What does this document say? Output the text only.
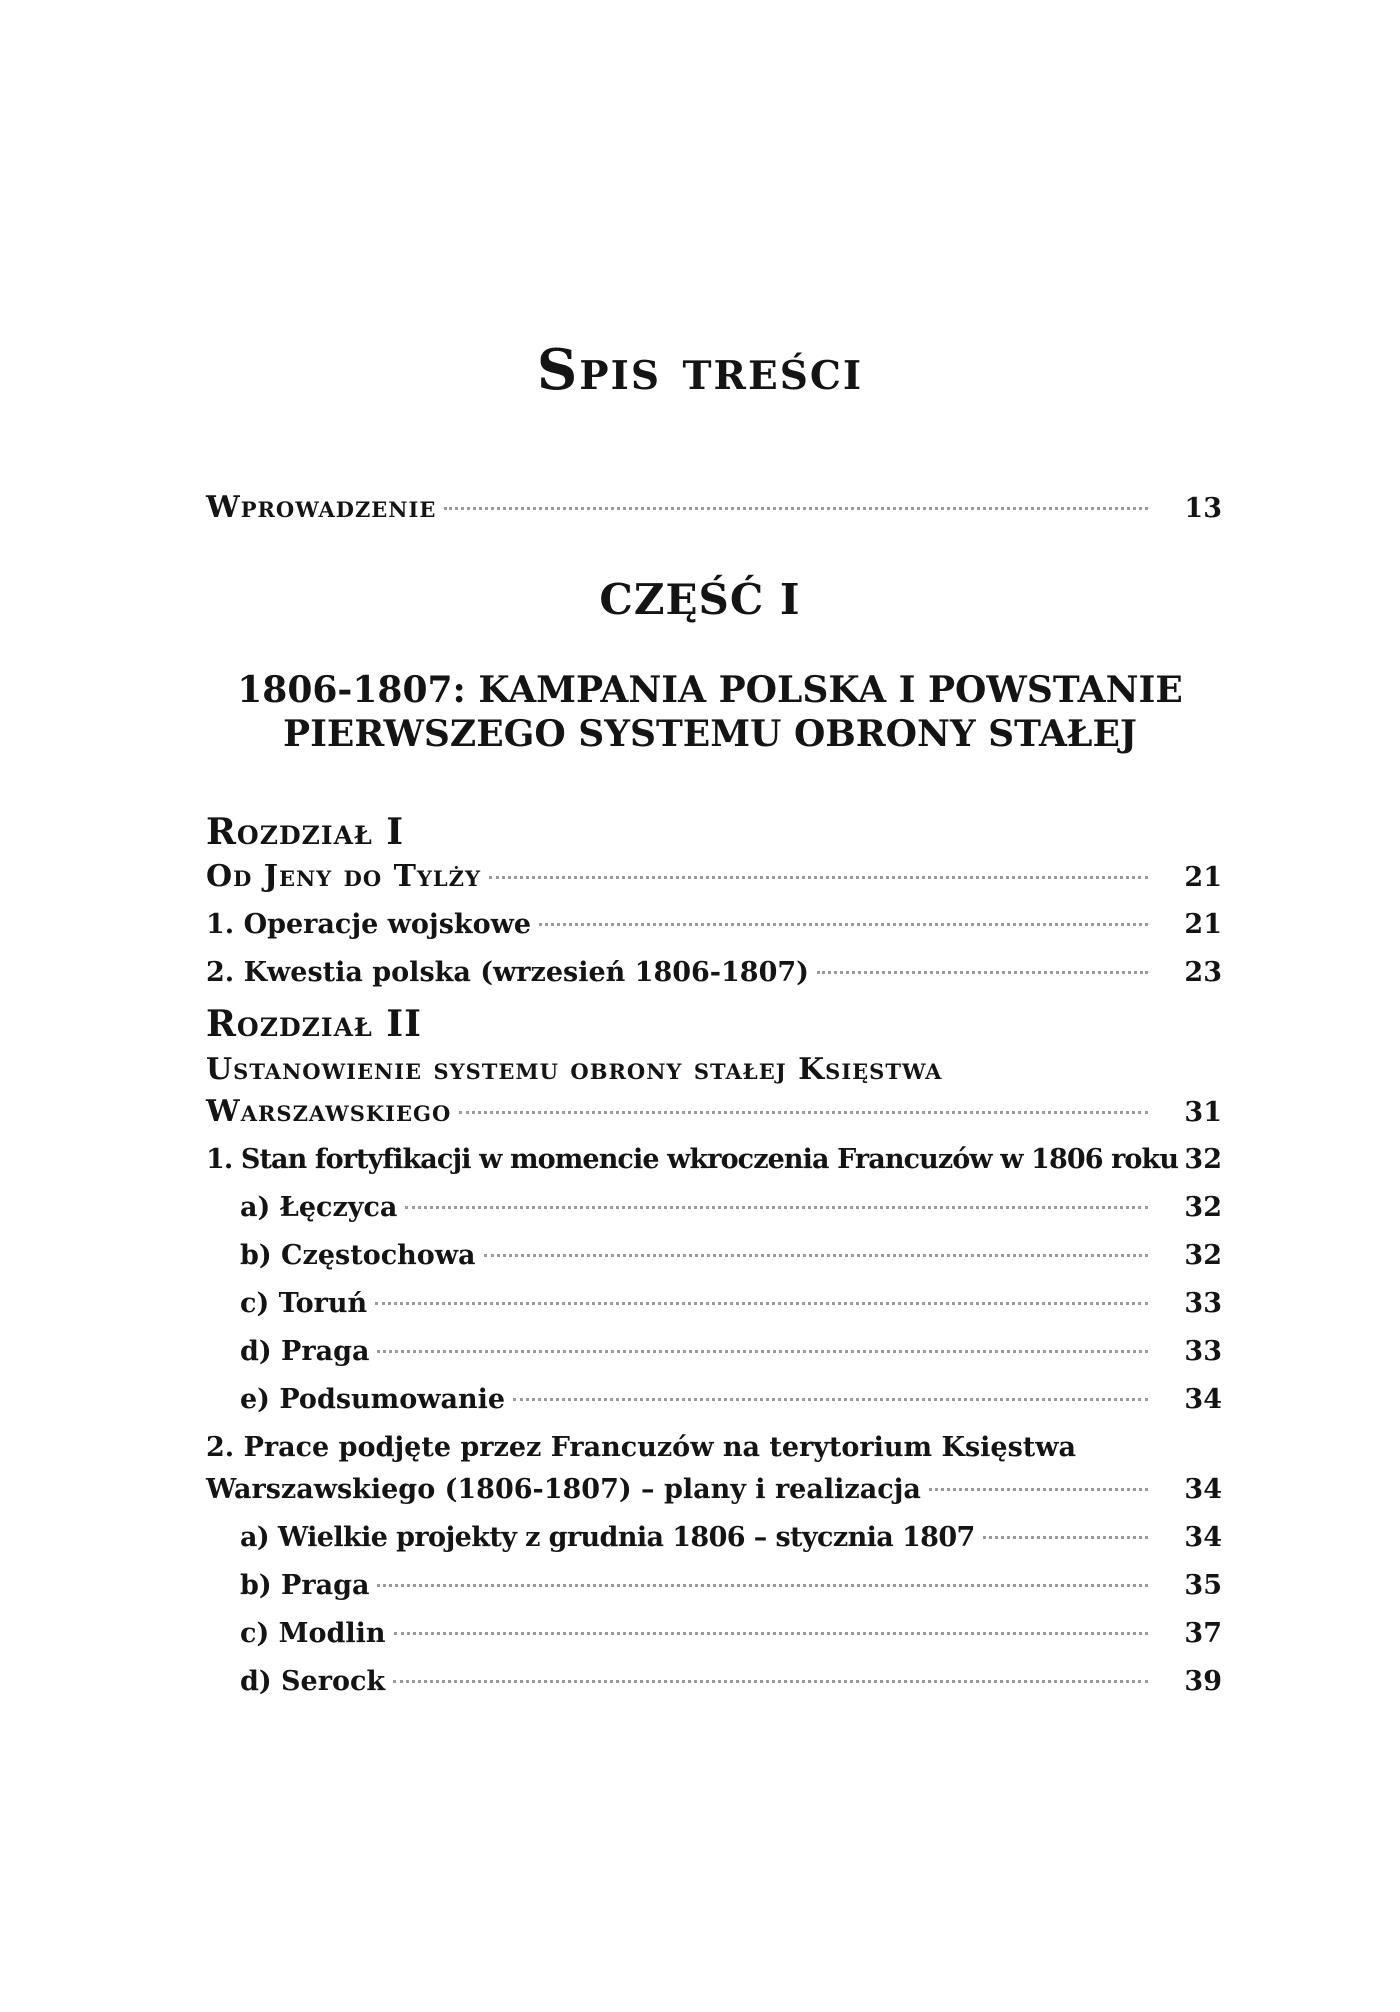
Spis treści
Wprowadzenie	13
CZĘŚĆ I
1806-1807: KAMPANIA POLSKA I POWSTANIE
PIERWSZEGO SYSTEMU OBRONY STAŁEJ
Rozdział I
Od Jeny do Tylży	21
1. Operacje wojskowe	21
2. Kwestia polska (wrzesień 1806-1807)	23
Rozdział II
Ustanowienie systemu obrony stałej Księstwa
Warszawskiego	31
1. Stan fortyfikacji w momencie wkroczenia Francuzów w 1806 roku 32
a) Łęczyca	32
b) Częstochowa	32
c) Toruń	33
d) Praga	33
e) Podsumowanie	34
2. Prace podjęte przez Francuzów na terytorium Księstwa
Warszawskiego (1806-1807) – plany i realizacja	34
a) Wielkie projekty z grudnia 1806 – stycznia 1807	34
b) Praga	35
c) Modlin	37
d) Serock	39
